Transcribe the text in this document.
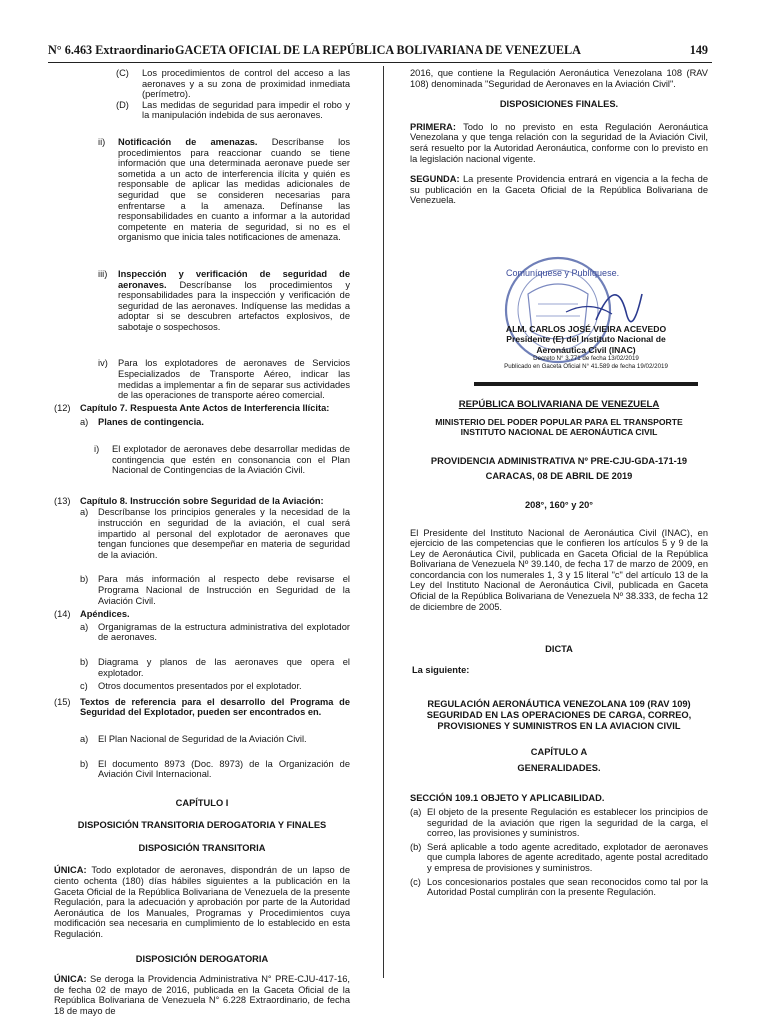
N° 6.463 Extraordinario GACETA OFICIAL DE LA REPÚBLICA BOLIVARIANA DE VENEZUELA	149
(C) Los procedimientos de control del acceso a las aeronaves y a su zona de proximidad inmediata (perímetro).
(D) Las medidas de seguridad para impedir el robo y la manipulación indebida de sus aeronaves.
ii) Notificación de amenazas. Descríbanse los procedimientos para reaccionar cuando se tiene información que una determinada aeronave puede ser sometida a un acto de interferencia ilícita y quién es responsable de aplicar las medidas adicionales de seguridad que se consideren necesarias para enfrentarse a la amenaza. Defínanse las responsabilidades en cuanto a informar a la autoridad competente en materia de seguridad, si no es el organismo que inicia tales notificaciones de amenaza.
iii) Inspección y verificación de seguridad de aeronaves. Descríbanse los procedimientos y responsabilidades para la inspección y verificación de seguridad de las aeronaves. Indíquense las medidas a adoptar si se descubren artefactos explosivos, de sabotaje o sospechosos.
iv) Para los explotadores de aeronaves de Servicios Especializados de Transporte Aéreo, indicar las medidas a implementar a fin de separar sus actividades de las operaciones de transporte aéreo comercial.
(12) Capítulo 7. Respuesta Ante Actos de Interferencia Ilícita:
a) Planes de contingencia.
i) El explotador de aeronaves debe desarrollar medidas de contingencia que estén en consonancia con el Plan Nacional de Contingencias de la Aviación Civil.
(13) Capítulo 8. Instrucción sobre Seguridad de la Aviación:
a) Descríbanse los principios generales y la necesidad de la instrucción en seguridad de la aviación, el cual será impartido al personal del explotador de aeronaves que tengan funciones que desempeñar en materia de seguridad de la aviación.
b) Para más información al respecto debe revisarse el Programa Nacional de Instrucción en Seguridad de la Aviación Civil.
(14) Apéndices.
a) Organigramas de la estructura administrativa del explotador de aeronaves.
b) Diagrama y planos de las aeronaves que opera el explotador.
c) Otros documentos presentados por el explotador.
(15) Textos de referencia para el desarrollo del Programa de Seguridad del Explotador, pueden ser encontrados en.
a) El Plan Nacional de Seguridad de la Aviación Civil.
b) El documento 8973 (Doc. 8973) de la Organización de Aviación Civil Internacional.
CAPÍTULO I
DISPOSICIÓN TRANSITORIA DEROGATORIA Y FINALES
DISPOSICIÓN TRANSITORIA

ÚNICA: Todo explotador de aeronaves, dispondrán de un lapso de ciento ochenta (180) días hábiles siguientes a la publicación en la Gaceta Oficial de la República Bolivariana de Venezuela de la presente Regulación, para la adecuación y aprobación por parte de la Autoridad Aeronáutica de los Manuales, Programas y Procedimientos cuya modificación sea necesaria en cumplimiento de lo establecido en esta Regulación.

DISPOSICIÓN DEROGATORIA

ÚNICA: Se deroga la Providencia Administrativa N° PRE-CJU-417-16, de fecha 02 de mayo de 2016, publicada en la Gaceta Oficial de la República Bolivariana de Venezuela N° 6.228 Extraordinario, de fecha 18 de mayo de

2016, que contiene la Regulación Aeronáutica Venezolana 108 (RAV 108) denominada "Seguridad de Aeronaves en la Aviación Civil".

DISPOSICIONES FINALES.

PRIMERA: Todo lo no previsto en esta Regulación Aeronáutica Venezolana y que tenga relación con la seguridad de la Aviación Civil, será resuelto por la Autoridad Aeronáutica, conforme con lo previsto en la legislación nacional vigente.

SEGUNDA: La presente Providencia entrará en vigencia a la fecha de su publicación en la Gaceta Oficial de la República Bolivariana de Venezuela.

Comuníquese y Publíquese.
ALM. CARLOS JOSÉ VIEIRA ACEVEDO
Presidente (E) del Instituto Nacional de
Aeronáutica Civil (INAC)
Decreto N° 3.771 de fecha 13/02/2019
Publicado en Gaceta Oficial N° 41.589 de fecha 19/02/2019
REPÚBLICA BOLIVARIANA DE VENEZUELA
MINISTERIO DEL PODER POPULAR PARA EL TRANSPORTE
INSTITUTO NACIONAL DE AERONÁUTICA CIVIL
PROVIDENCIA ADMINISTRATIVA Nº PRE-CJU-GDA-171-19
CARACAS, 08 DE ABRIL DE 2019
208°, 160° y 20°

El Presidente del Instituto Nacional de Aeronáutica Civil (INAC), en ejercicio de las competencias que le confieren los artículos 5 y 9 de la Ley de Aeronáutica Civil, publicada en Gaceta Oficial de la República Bolivariana de Venezuela Nº 39.140, de fecha 17 de marzo de 2009, en concordancia con los numerales 1, 3 y 15 literal "c" del artículo 13 de la Ley del Instituto Nacional de Aeronáutica Civil, publicada en Gaceta Oficial de la República Bolivariana de Venezuela Nº 38.333, de fecha 12 de diciembre de 2005.

DICTA
La siguiente:
REGULACIÓN AERONÁUTICA VENEZOLANA 109 (RAV 109)
SEGURIDAD EN LAS OPERACIONES DE CARGA, CORREO,
PROVISIONES Y SUMINISTROS EN LA AVIACION CIVIL
CAPÍTULO A
GENERALIDADES.
SECCIÓN 109.1 OBJETO Y APLICABILIDAD.
(a) El objeto de la presente Regulación es establecer los principios de seguridad de la aviación que rigen la seguridad de la carga, el correo, las provisiones y suministros.
(b) Será aplicable a todo agente acreditado, explotador de aeronaves que cumpla labores de agente acreditado, agente postal acreditado y empresa de provisiones y suministros.
(c) Los concesionarios postales que sean reconocidos como tal por la Autoridad Postal cumplirán con la presente Regulación.
